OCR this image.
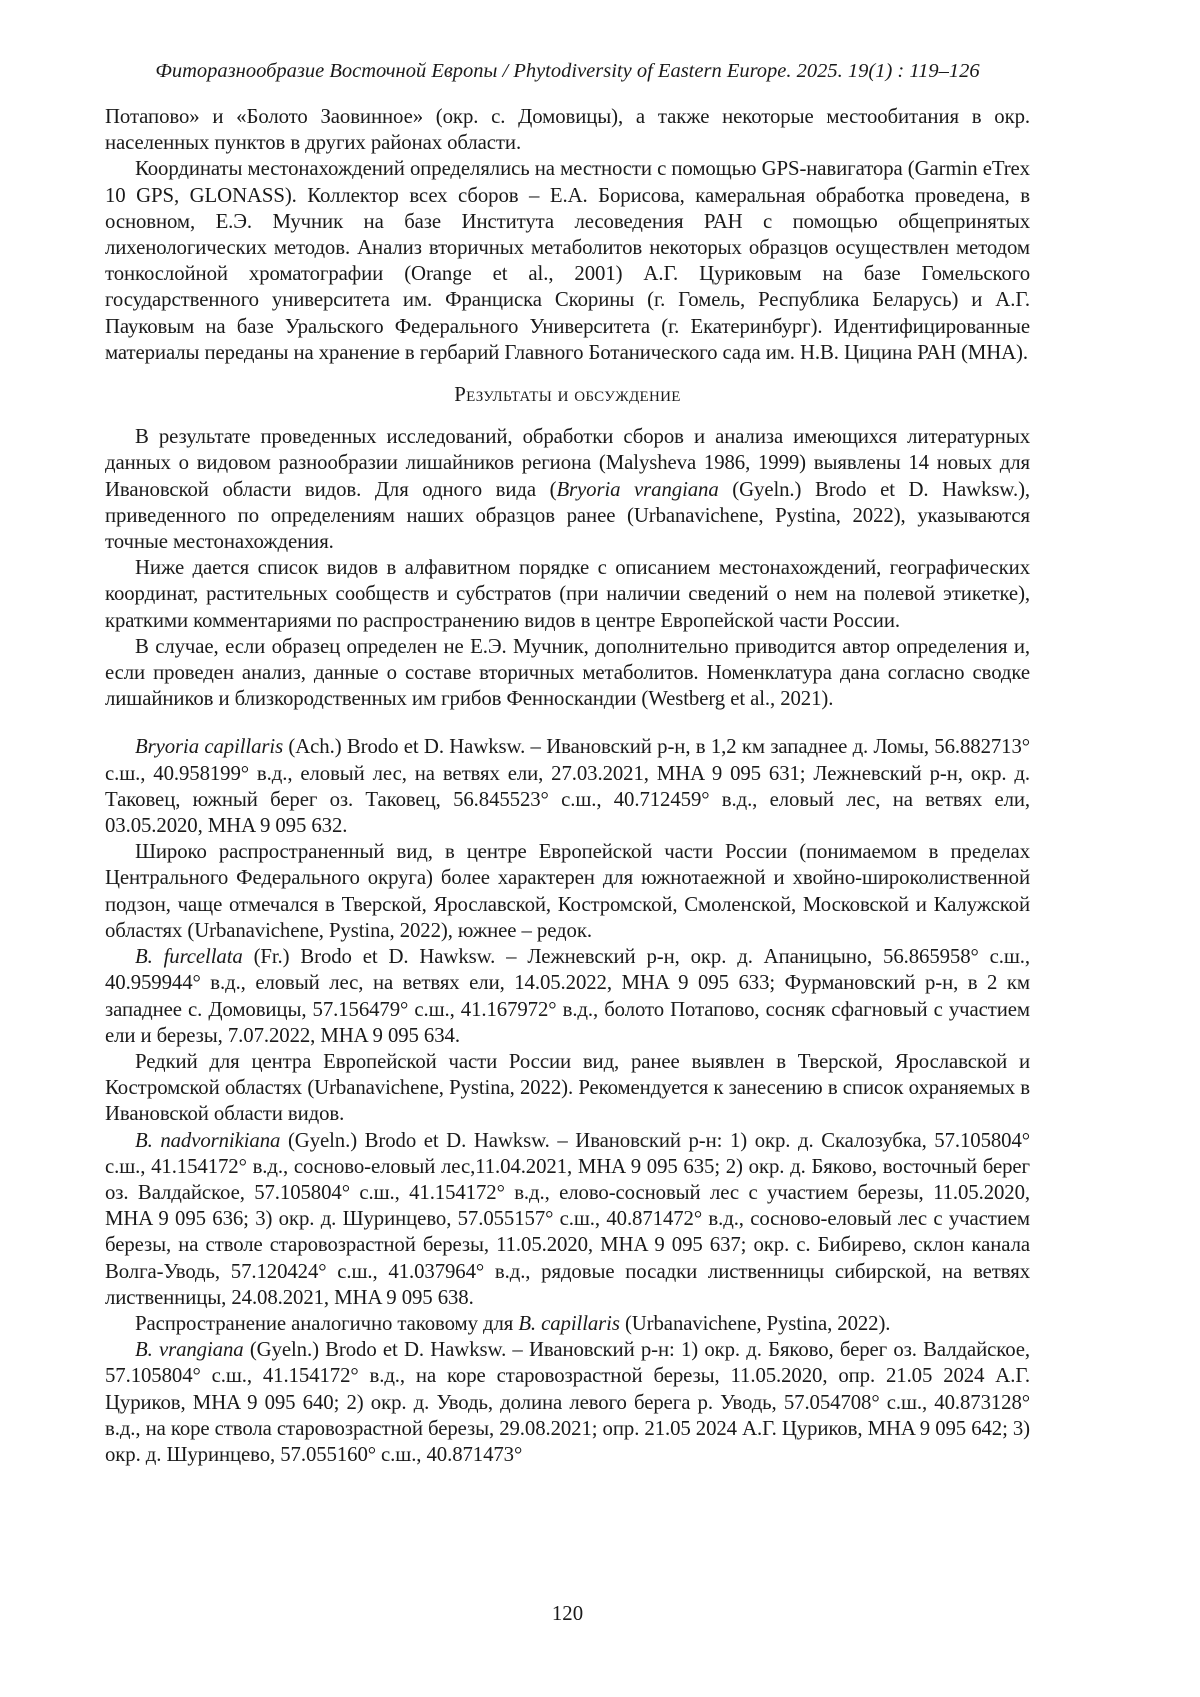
Фиторазнообразие Восточной Европы / Phytodiversity of Eastern Europe. 2025. 19(1) : 119–126

Потапово» и «Болото Заовинное» (окр. с. Домовицы), а также некоторые местообитания в окр. населенных пунктов в других районах области.

Координаты местонахождений определялись на местности с помощью GPS-навигатора (Garmin eTrex 10 GPS, GLONASS). Коллектор всех сборов – Е.А. Борисова, камеральная обработка проведена, в основном, Е.Э. Мучник на базе Института лесоведения РАН с помощью общепринятых лихенологических методов. Анализ вторичных метаболитов некоторых образцов осуществлен методом тонкослойной хроматографии (Orange et al., 2001) А.Г. Цуриковым на базе Гомельского государственного университета им. Франциска Скорины (г. Гомель, Республика Беларусь) и А.Г. Пауковым на базе Уральского Федерального Университета (г. Екатеринбург). Идентифицированные материалы переданы на хранение в гербарий Главного Ботанического сада им. Н.В. Цицина РАН (MHA).

Результаты и обсуждение

В результате проведенных исследований, обработки сборов и анализа имеющихся литературных данных о видовом разнообразии лишайников региона (Malysheva 1986, 1999) выявлены 14 новых для Ивановской области видов. Для одного вида (Bryoria vrangiana (Gyeln.) Brodo et D. Hawksw.), приведенного по определениям наших образцов ранее (Urbanavichene, Pystina, 2022), указываются точные местонахождения.

Ниже дается список видов в алфавитном порядке с описанием местонахождений, географических координат, растительных сообществ и субстратов (при наличии сведений о нем на полевой этикетке), краткими комментариями по распространению видов в центре Европейской части России.

В случае, если образец определен не Е.Э. Мучник, дополнительно приводится автор определения и, если проведен анализ, данные о составе вторичных метаболитов. Номенклатура дана согласно сводке лишайников и близкородственных им грибов Фенноскандии (Westberg et al., 2021).

Bryoria capillaris (Ach.) Brodo et D. Hawksw. – Ивановский р-н, в 1,2 км западнее д. Ломы, 56.882713° с.ш., 40.958199° в.д., еловый лес, на ветвях ели, 27.03.2021, MHA 9 095 631; Лежневский р-н, окр. д. Таковец, южный берег оз. Таковец, 56.845523° с.ш., 40.712459° в.д., еловый лес, на ветвях ели, 03.05.2020, MHA 9 095 632.

Широко распространенный вид, в центре Европейской части России (понимаемом в пределах Центрального Федерального округа) более характерен для южнотаежной и хвойно-широколиственной подзон, чаще отмечался в Тверской, Ярославской, Костромской, Смоленской, Московской и Калужской областях (Urbanavichene, Pystina, 2022), южнее – редок.

B. furcellata (Fr.) Brodo et D. Hawksw. – Лежневский р-н, окр. д. Апаницыно, 56.865958° с.ш., 40.959944° в.д., еловый лес, на ветвях ели, 14.05.2022, MHA 9 095 633; Фурмановский р-н, в 2 км западнее с. Домовицы, 57.156479° с.ш., 41.167972° в.д., болото Потапово, сосняк сфагновый с участием ели и березы, 7.07.2022, MHA 9 095 634.

Редкий для центра Европейской части России вид, ранее выявлен в Тверской, Ярославской и Костромской областях (Urbanavichene, Pystina, 2022). Рекомендуется к занесению в список охраняемых в Ивановской области видов.

B. nadvornikiana (Gyeln.) Brodo et D. Hawksw. – Ивановский р-н: 1) окр. д. Скалозубка, 57.105804° с.ш., 41.154172° в.д., сосново-еловый лес,11.04.2021, MHA 9 095 635; 2) окр. д. Бяково, восточный берег оз. Валдайское, 57.105804° с.ш., 41.154172° в.д., елово-сосновый лес с участием березы, 11.05.2020, MHA 9 095 636; 3) окр. д. Шуринцево, 57.055157° с.ш., 40.871472° в.д., сосново-еловый лес с участием березы, на стволе старовозрастной березы, 11.05.2020, MHA 9 095 637; окр. с. Бибирево, склон канала Волга-Уводь, 57.120424° с.ш., 41.037964° в.д., рядовые посадки лиственницы сибирской, на ветвях лиственницы, 24.08.2021, MHA 9 095 638.

Распространение аналогично таковому для B. capillaris (Urbanavichene, Pystina, 2022).

B. vrangiana (Gyeln.) Brodo et D. Hawksw. – Ивановский р-н: 1) окр. д. Бяково, берег оз. Валдайское, 57.105804° с.ш., 41.154172° в.д., на коре старовозрастной березы, 11.05.2020, опр. 21.05 2024 А.Г. Цуриков, MHA 9 095 640; 2) окр. д. Уводь, долина левого берега р. Уводь, 57.054708° с.ш., 40.873128° в.д., на коре ствола старовозрастной березы, 29.08.2021; опр. 21.05 2024 А.Г. Цуриков, MHA 9 095 642; 3) окр. д. Шуринцево, 57.055160° с.ш., 40.871473°

120
